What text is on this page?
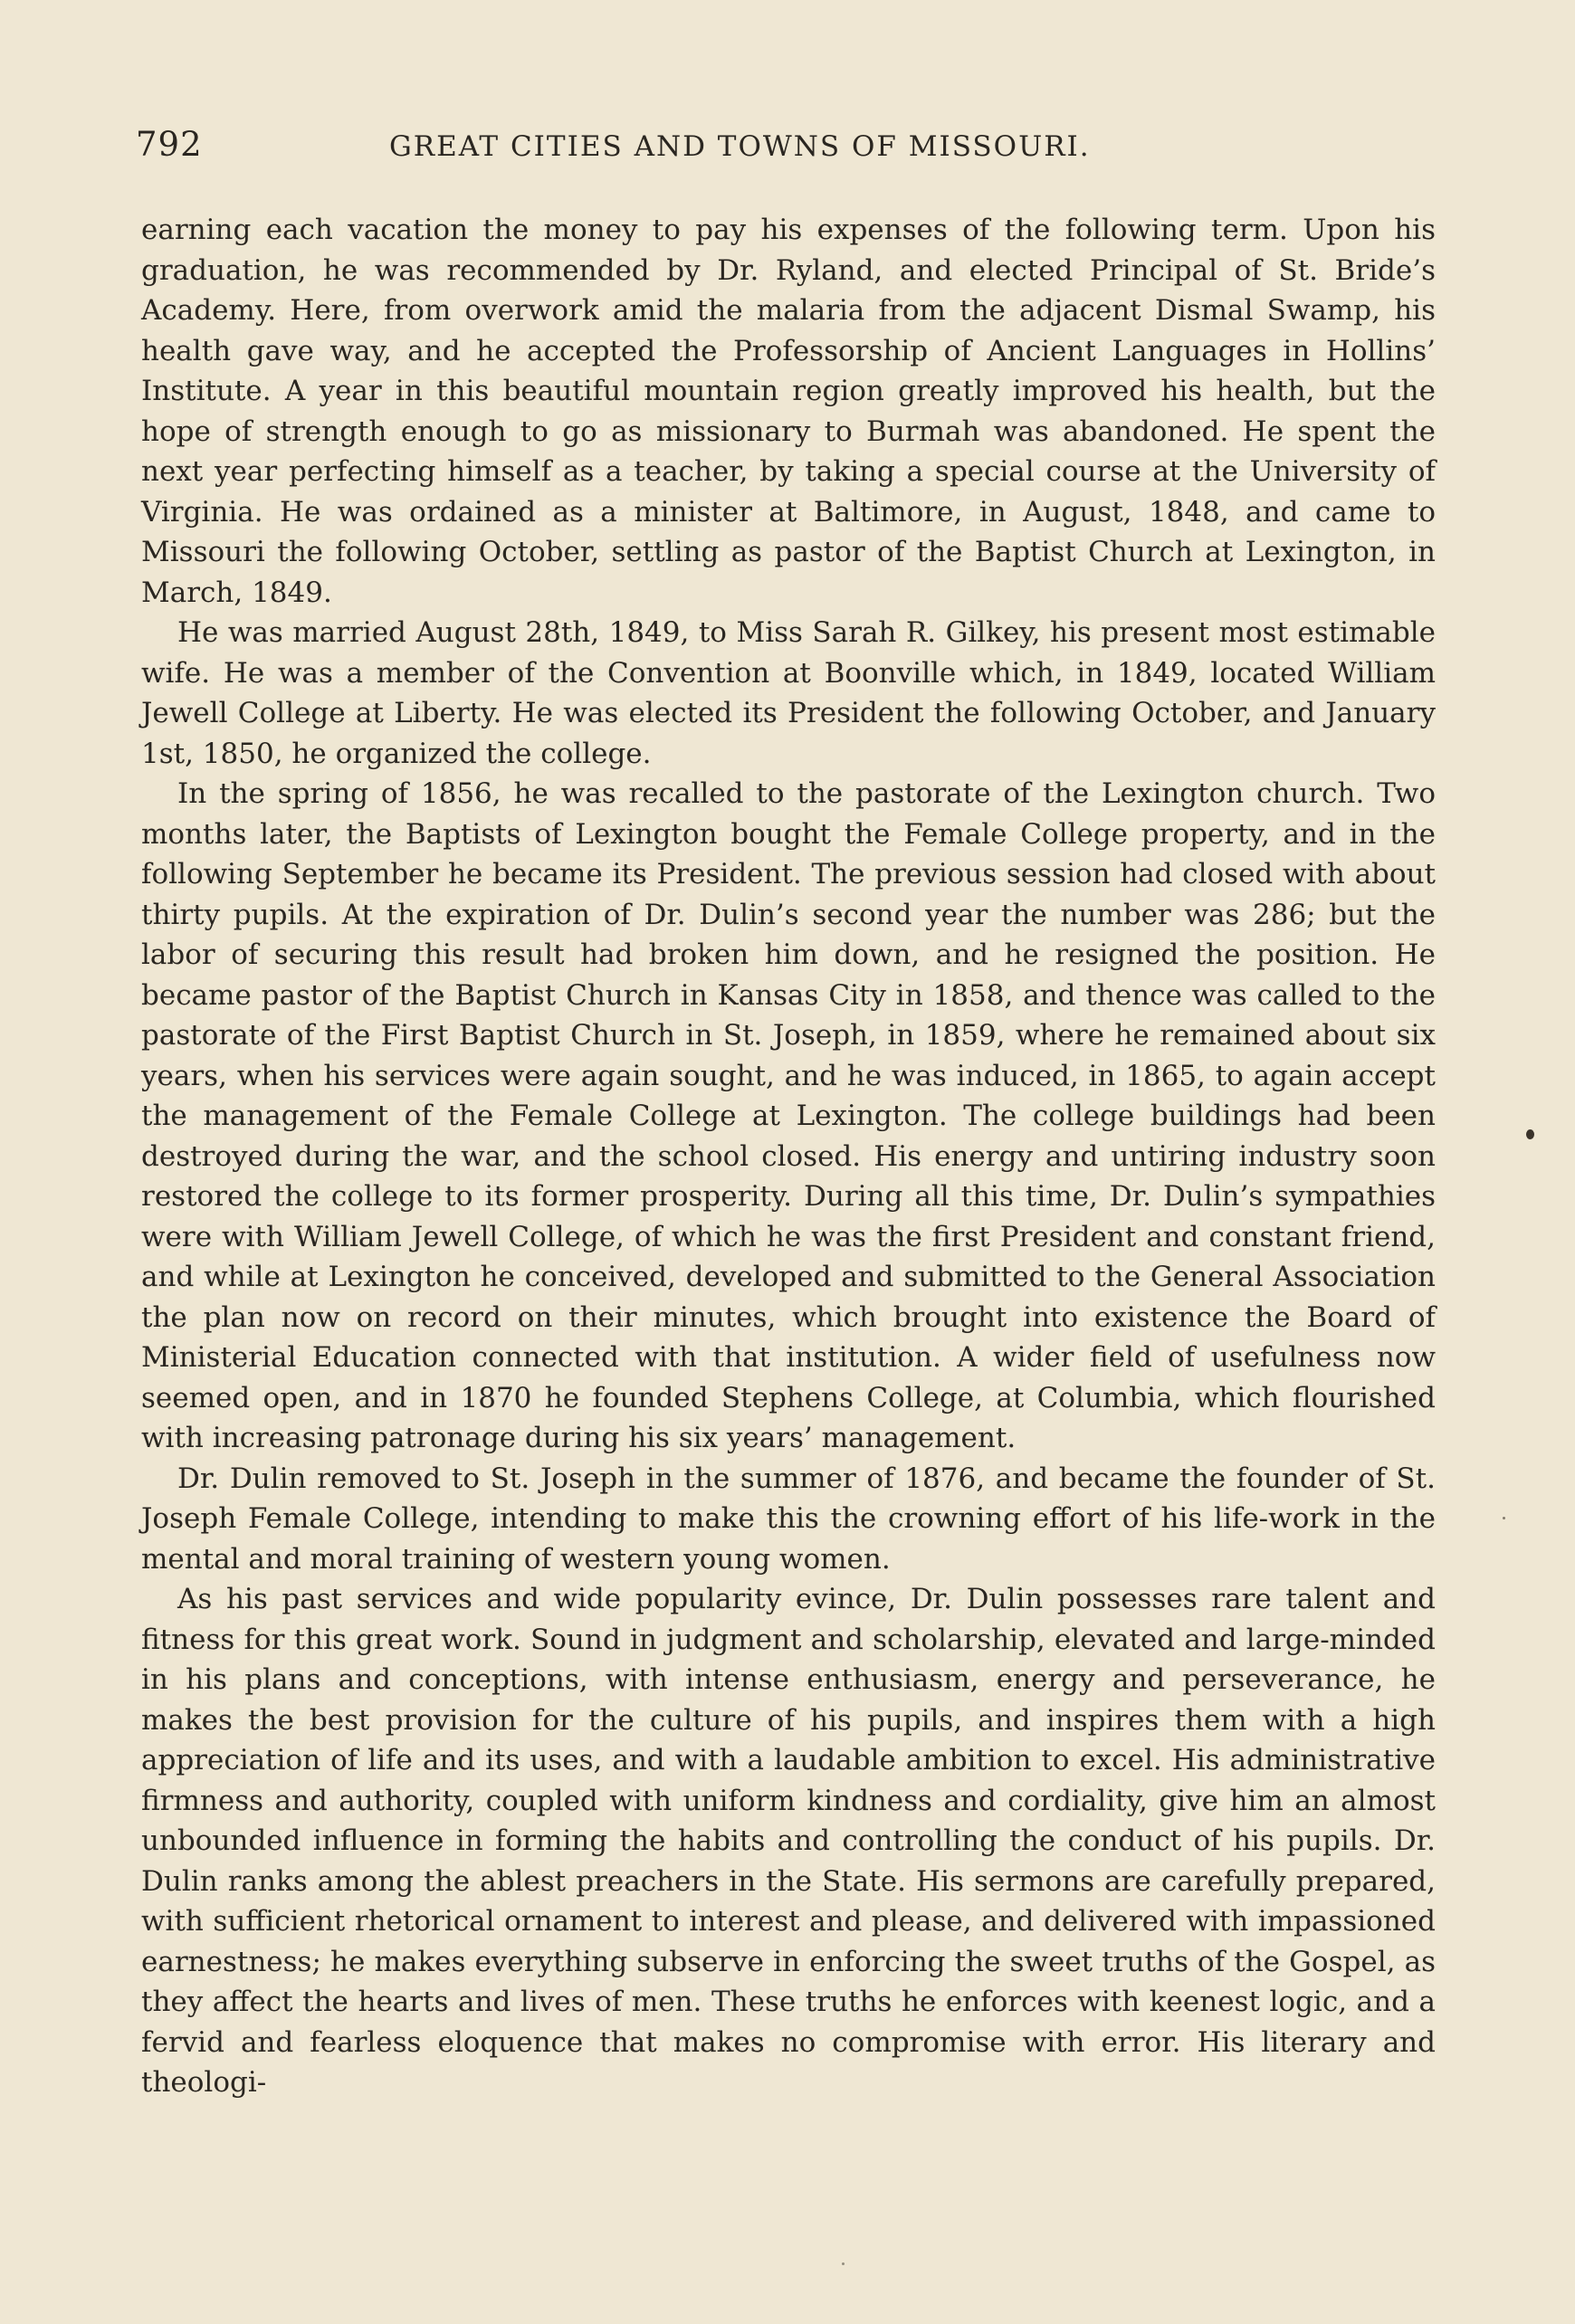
792	GREAT CITIES AND TOWNS OF MISSOURI.

earning each vacation the money to pay his expenses of the following term. Upon his graduation, he was recommended by Dr. Ryland, and elected Principal of St. Bride’s Academy. Here, from overwork amid the malaria from the adjacent Dismal Swamp, his health gave way, and he accepted the Professorship of Ancient Languages in Hollins’ Institute. A year in this beautiful mountain region greatly improved his health, but the hope of strength enough to go as missionary to Burmah was abandoned. He spent the next year perfecting himself as a teacher, by taking a special course at the University of Virginia. He was ordained as a minister at Baltimore, in August, 1848, and came to Missouri the following October, settling as pastor of the Baptist Church at Lexington, in March, 1849.

He was married August 28th, 1849, to Miss Sarah R. Gilkey, his present most estimable wife. He was a member of the Convention at Boonville which, in 1849, located William Jewell College at Liberty. He was elected its President the following October, and January 1st, 1850, he organized the college.

In the spring of 1856, he was recalled to the pastorate of the Lexington church. Two months later, the Baptists of Lexington bought the Female College property, and in the following September he became its President. The previous session had closed with about thirty pupils. At the expiration of Dr. Dulin’s second year the number was 286; but the labor of securing this result had broken him down, and he resigned the position. He became pastor of the Baptist Church in Kansas City in 1858, and thence was called to the pastorate of the First Baptist Church in St. Joseph, in 1859, where he remained about six years, when his services were again sought, and he was induced, in 1865, to again accept the management of the Female College at Lexington. The college buildings had been destroyed during the war, and the school closed. His energy and untiring industry soon restored the college to its former prosperity. During all this time, Dr. Dulin’s sympathies were with William Jewell College, of which he was the first President and constant friend, and while at Lexington he conceived, developed and submitted to the General Association the plan now on record on their minutes, which brought into existence the Board of Ministerial Education connected with that institution. A wider field of usefulness now seemed open, and in 1870 he founded Stephens College, at Columbia, which flourished with increasing patronage during his six years’ management.

Dr. Dulin removed to St. Joseph in the summer of 1876, and became the founder of St. Joseph Female College, intending to make this the crowning effort of his life-work in the mental and moral training of western young women.

As his past services and wide popularity evince, Dr. Dulin possesses rare talent and fitness for this great work. Sound in judgment and scholarship, elevated and large-minded in his plans and conceptions, with intense enthusiasm, energy and perseverance, he makes the best provision for the culture of his pupils, and inspires them with a high appreciation of life and its uses, and with a laudable ambition to excel. His administrative firmness and authority, coupled with uniform kindness and cordiality, give him an almost unbounded influence in forming the habits and controlling the conduct of his pupils. Dr. Dulin ranks among the ablest preachers in the State. His sermons are carefully prepared, with sufficient rhetorical ornament to interest and please, and delivered with impassioned earnestness; he makes everything subserve in enforcing the sweet truths of the Gospel, as they affect the hearts and lives of men. These truths he enforces with keenest logic, and a fervid and fearless eloquence that makes no compromise with error. His literary and theologi-
